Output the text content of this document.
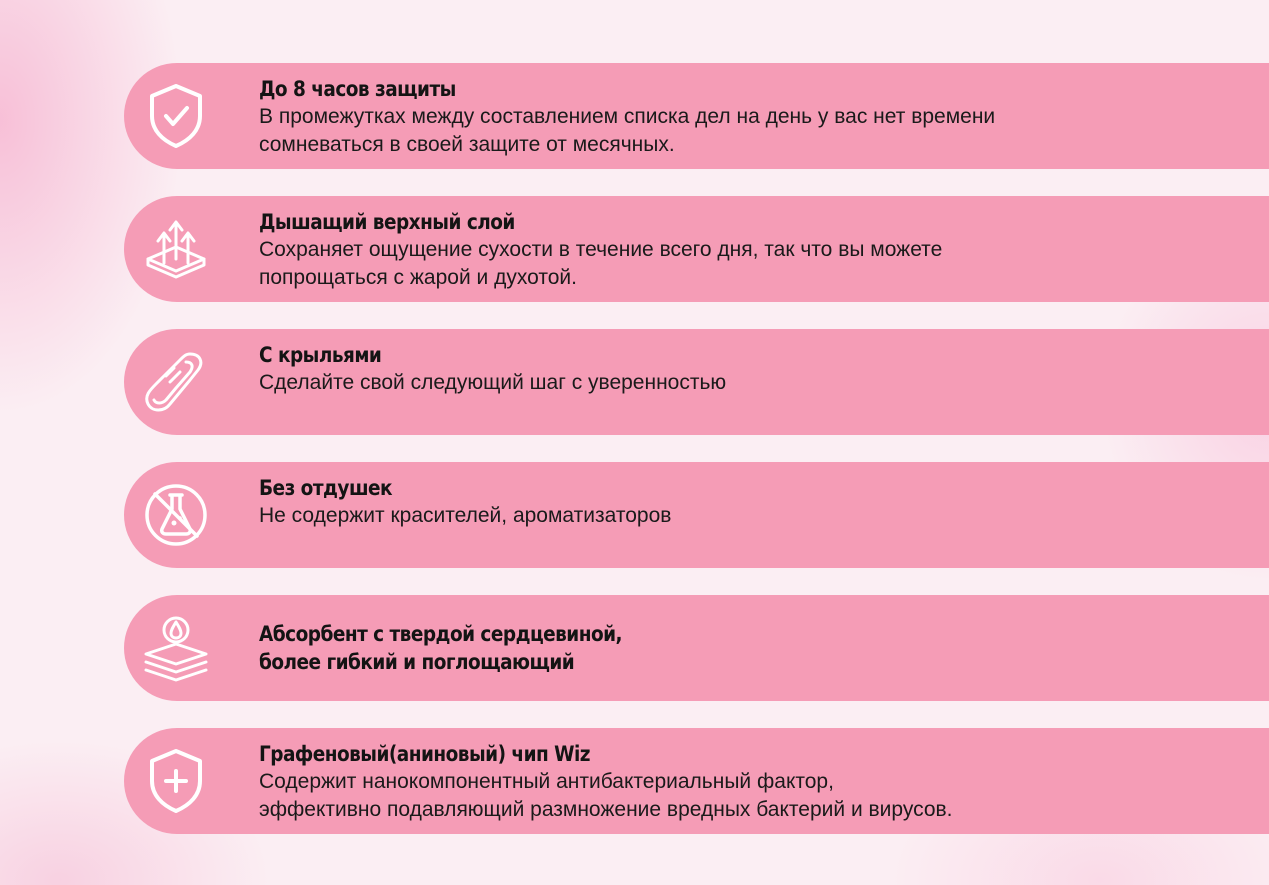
До 8 часов защиты
В промежутках между составлением списка дел на день у вас нет времени
сомневаться в своей защите от месячных.
Дышащий верхный слой
Сохраняет ощущение сухости в течение всего дня, так что вы можете
попрощаться с жарой и духотой.
С крыльями
Сделайте свой следующий шаг с уверенностью
Без отдушек
Не содержит красителей, ароматизаторов
Абсорбент с твердой сердцевиной,
более гибкий и поглощающий
Графеновый(аниновый) чип Wiz
Содержит нанокомпонентный антибактериальный фактор,
эффективно подавляющий размножение вредных бактерий и вирусов.
